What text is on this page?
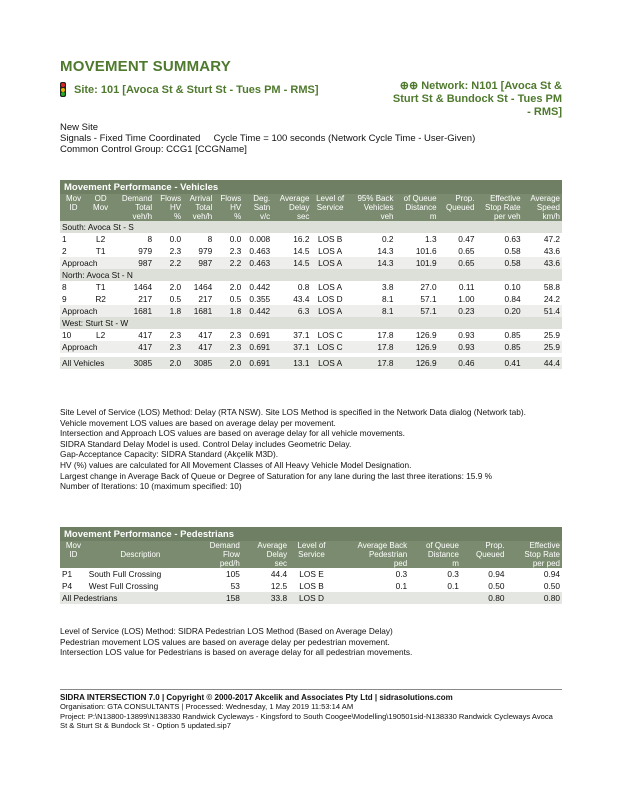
MOVEMENT SUMMARY
Site: 101 [Avoca St & Sturt St - Tues PM - RMS]	⊕⊕ Network: N101 [Avoca St &
Sturt St & Bundock St - Tues PM
- RMS]
New Site
Signals - Fixed Time Coordinated     Cycle Time = 100 seconds (Network Cycle Time - User-Given)
Common Control Group: CCG1 [CCGName]
Movement Performance - Vehicles													
Mov	OD	Demand	Flows	Arrival	Flows	Deg.	Average	Level of	95% Back	of Queue	Prop.	Effective	Average
ID	Mov	Total	HV	Total	HV	Satn	Delay	Service	Vehicles	Distance	Queued	Stop Rate	Speed
		veh/h	%	veh/h	%	v/c	sec		veh	m		per veh	km/h
South: Avoca St - S													
1	L2	8	0.0	8	0.0	0.008	16.2	LOS B	0.2	1.3	0.47	0.63	47.2
2	T1	979	2.3	979	2.3	0.463	14.5	LOS A	14.3	101.6	0.65	0.58	43.6
Approach		987	2.2	987	2.2	0.463	14.5	LOS A	14.3	101.9	0.65	0.58	43.6
North: Avoca St - N													
8	T1	1464	2.0	1464	2.0	0.442	0.8	LOS A	3.8	27.0	0.11	0.10	58.8
9	R2	217	0.5	217	0.5	0.355	43.4	LOS D	8.1	57.1	1.00	0.84	24.2
Approach		1681	1.8	1681	1.8	0.442	6.3	LOS A	8.1	57.1	0.23	0.20	51.4
West: Sturt St - W													
10	L2	417	2.3	417	2.3	0.691	37.1	LOS C	17.8	126.9	0.93	0.85	25.9
Approach		417	2.3	417	2.3	0.691	37.1	LOS C	17.8	126.9	0.93	0.85	25.9

All Vehicles		3085	2.0	3085	2.0	0.691	13.1	LOS A	17.8	126.9	0.46	0.41	44.4
Site Level of Service (LOS) Method: Delay (RTA NSW). Site LOS Method is specified in the Network Data dialog (Network tab).
Vehicle movement LOS values are based on average delay per movement.
Intersection and Approach LOS values are based on average delay for all vehicle movements.
SIDRA Standard Delay Model is used. Control Delay includes Geometric Delay.
Gap-Acceptance Capacity: SIDRA Standard (Akçelik M3D).
HV (%) values are calculated for All Movement Classes of All Heavy Vehicle Model Designation.
Largest change in Average Back of Queue or Degree of Saturation for any lane during the last three iterations: 15.9 %
Number of Iterations: 10 (maximum specified: 10)
Movement Performance - Pedestrians								
Mov		Demand	Average	Level of	Average Back	of Queue	Prop.	Effective
ID	Description	Flow	Delay	Service	Pedestrian	Distance	Queued	Stop Rate
		ped/h	sec		ped	m		per ped
P1	South Full Crossing	105	44.4	LOS E	0.3	0.3	0.94	0.94
P4	West Full Crossing	53	12.5	LOS B	0.1	0.1	0.50	0.50
All Pedestrians		158	33.8	LOS D			0.80	0.80
Level of Service (LOS) Method: SIDRA Pedestrian LOS Method (Based on Average Delay)
Pedestrian movement LOS values are based on average delay per pedestrian movement.
Intersection LOS value for Pedestrians is based on average delay for all pedestrian movements.
SIDRA INTERSECTION 7.0 | Copyright © 2000-2017 Akcelik and Associates Pty Ltd | sidrasolutions.com
Organisation: GTA CONSULTANTS | Processed: Wednesday, 1 May 2019 11:53:14 AM
Project: P:\N13800-13899\N138330 Randwick Cycleways - Kingsford to South Coogee\Modelling\190501sid-N138330 Randwick Cycleways Avoca St & Sturt St & Bundock St - Option 5 updated.sip7
